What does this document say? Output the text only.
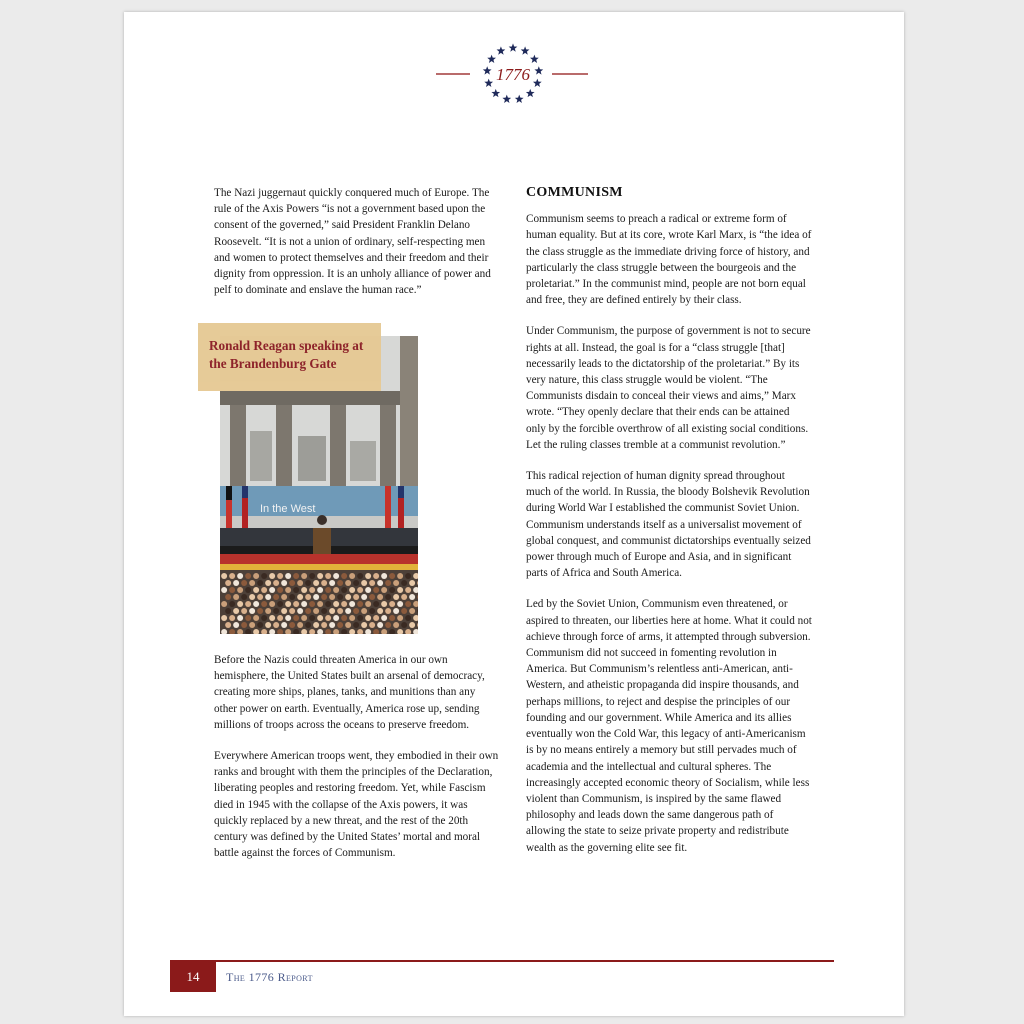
1776

The Nazi juggernaut quickly conquered much of Europe. The rule of the Axis Powers “is not a government based upon the consent of the governed,” said President Franklin Delano Roosevelt. “It is not a union of ordinary, self-respecting men and women to protect themselves and their freedom and their dignity from oppression. It is an unholy alliance of power and pelf to dominate and enslave the human race.”

In the West
Ronald Reagan speaking at the Brandenburg Gate

Before the Nazis could threaten America in our own hemisphere, the United States built an arsenal of democracy, creating more ships, planes, tanks, and munitions than any other power on earth. Eventually, America rose up, sending millions of troops across the oceans to preserve freedom.

Everywhere American troops went, they embodied in their own ranks and brought with them the principles of the Declaration, liberating peoples and restoring freedom. Yet, while Fascism died in 1945 with the collapse of the Axis powers, it was quickly replaced by a new threat, and the rest of the 20th century was defined by the United States’ mortal and moral battle against the forces of Communism.

COMMUNISM

Communism seems to preach a radical or extreme form of human equality. But at its core, wrote Karl Marx, is “the idea of the class struggle as the immediate driving force of history, and particularly the class struggle between the bourgeois and the proletariat.” In the communist mind, people are not born equal and free, they are defined entirely by their class.

Under Communism, the purpose of government is not to secure rights at all. Instead, the goal is for a “class struggle [that] necessarily leads to the dictatorship of the proletariat.” By its very nature, this class struggle would be violent. “The Communists disdain to conceal their views and aims,” Marx wrote. “They openly declare that their ends can be attained only by the forcible overthrow of all existing social conditions. Let the ruling classes tremble at a communist revolution.”

This radical rejection of human dignity spread throughout much of the world. In Russia, the bloody Bolshevik Revolution during World War I established the communist Soviet Union. Communism understands itself as a universalist movement of global conquest, and communist dictatorships eventually seized power through much of Europe and Asia, and in significant parts of Africa and South America.

Led by the Soviet Union, Communism even threatened, or aspired to threaten, our liberties here at home. What it could not achieve through force of arms, it attempted through subversion. Communism did not succeed in fomenting revolution in America. But Communism’s relentless anti-American, anti-Western, and atheistic propaganda did inspire thousands, and perhaps millions, to reject and despise the principles of our founding and our government. While America and its allies eventually won the Cold War, this legacy of anti-Americanism is by no means entirely a memory but still pervades much of academia and the intellectual and cultural spheres. The increasingly accepted economic theory of Socialism, while less violent than Communism, is inspired by the same flawed philosophy and leads down the same dangerous path of allowing the state to seize private property and redistribute wealth as the governing elite see fit.

14	The 1776 Report
